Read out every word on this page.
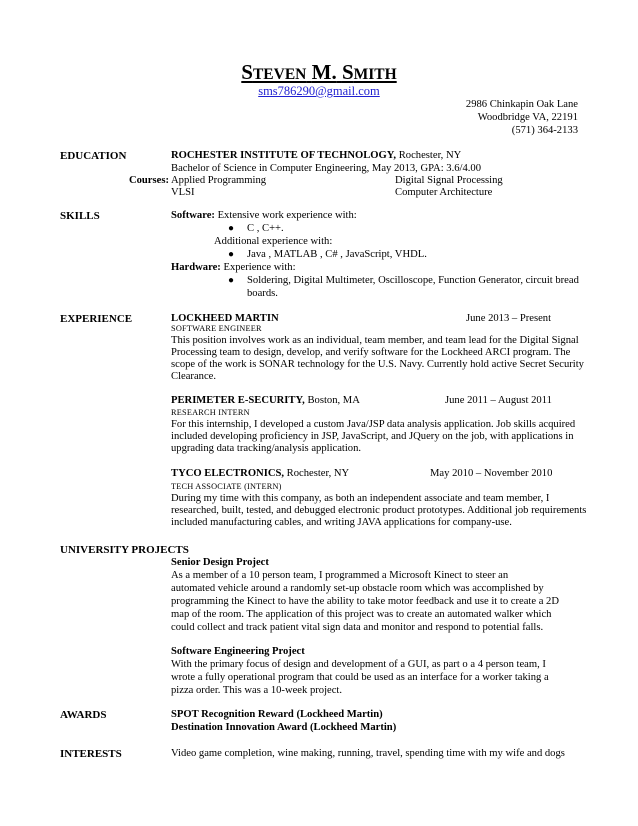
STEVEN M. SMITH
sms786290@gmail.com
2986 Chinkapin Oak Lane
Woodbridge VA, 22191
(571) 364-2133
EDUCATION	ROCHESTER INSTITUTE OF TECHNOLOGY, Rochester, NY
Bachelor of Science in Computer Engineering, May 2013, GPA: 3.6/4.00
Courses: Applied Programming	Digital Signal Processing
VLSI	Computer Architecture
SKILLS	Software: Extensive work experience with:
● C , C++.
Additional experience with:
● Java , MATLAB , C# , JavaScript, VHDL.
Hardware: Experience with:
● Soldering, Digital Multimeter, Oscilloscope, Function Generator, circuit bread
boards.
EXPERIENCE	LOCKHEED MARTIN	June 2013 – Present
SOFTWARE ENGINEER
This position involves work as an individual, team member, and team lead for the Digital Signal
Processing team to design, develop, and verify software for the Lockheed ARCI program. The
scope of the work is SONAR technology for the U.S. Navy. Currently hold active Secret Security
Clearance.
PERIMETER E-SECURITY, Boston, MA	June 2011 – August 2011
RESEARCH INTERN
For this internship, I developed a custom Java/JSP data analysis application. Job skills acquired
included developing proficiency in JSP, JavaScript, and JQuery on the job, with applications in
upgrading data tracking/analysis application.
TYCO ELECTRONICS, Rochester, NY	May 2010 – November 2010
TECH ASSOCIATE (INTERN)
During my time with this company, as both an independent associate and team member, I
researched, built, tested, and debugged electronic product prototypes. Additional job requirements
included manufacturing cables, and writing JAVA applications for company-use.
UNIVERSITY PROJECTS
Senior Design Project
As a member of a 10 person team, I programmed a Microsoft Kinect to steer an
automated vehicle around a randomly set-up obstacle room which was accomplished by
programming the Kinect to have the ability to take motor feedback and use it to create a 2D
map of the room. The application of this project was to create an automated walker which
could collect and track patient vital sign data and monitor and respond to potential falls.
Software Engineering Project
With the primary focus of design and development of a GUI, as part o a 4 person team, I
wrote a fully operational program that could be used as an interface for a worker taking a
pizza order. This was a 10-week project.
AWARDS	SPOT Recognition Reward (Lockheed Martin)
Destination Innovation Award (Lockheed Martin)
INTERESTS	Video game completion, wine making, running, travel, spending time with my wife and dogs
